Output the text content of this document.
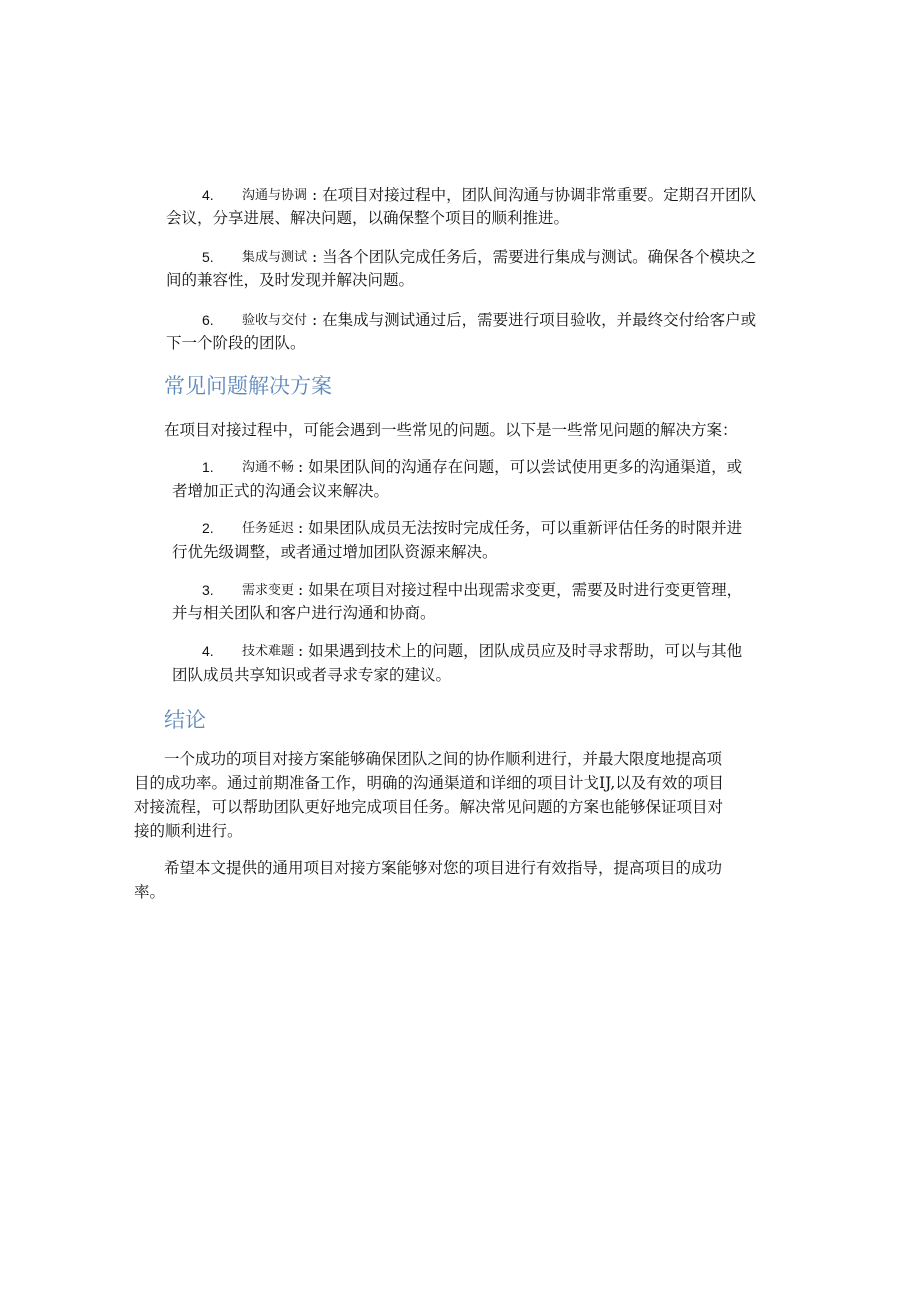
4. 沟通与协调 : 在项目对接过程中，团队间沟通与协调非常重要。定期召开团队
会议，分享进展、解决问题，以确保整个项目的顺利推进。
5. 集成与测试 : 当各个团队完成任务后，需要进行集成与测试。确保各个模块之
间的兼容性，及时发现并解决问题。
6. 验收与交付 : 在集成与测试通过后，需要进行项目验收，并最终交付给客户或
下一个阶段的团队。
常见问题解决方案
在项目对接过程中，可能会遇到一些常见的问题。以下是一些常见问题的解决方案：
1. 沟通不畅 : 如果团队间的沟通存在问题，可以尝试使用更多的沟通渠道，或
者增加正式的沟通会议来解决。
2. 任务延迟 : 如果团队成员无法按时完成任务，可以重新评估任务的时限并进
行优先级调整，或者通过增加团队资源来解决。
3. 需求变更 : 如果在项目对接过程中出现需求变更，需要及时进行变更管理，
并与相关团队和客户进行沟通和协商。
4. 技术难题 : 如果遇到技术上的问题，团队成员应及时寻求帮助，可以与其他
团队成员共享知识或者寻求专家的建议。
结论
一个成功的项目对接方案能够确保团队之间的协作顺利进行，并最大限度地提高项
目的成功率。通过前期准备工作，明确的沟通渠道和详细的项目计戈IJ,以及有效的项目
对接流程，可以帮助团队更好地完成项目任务。解决常见问题的方案也能够保证项目对
接的顺利进行。
希望本文提供的通用项目对接方案能够对您的项目进行有效指导，提高项目的成功
率。
